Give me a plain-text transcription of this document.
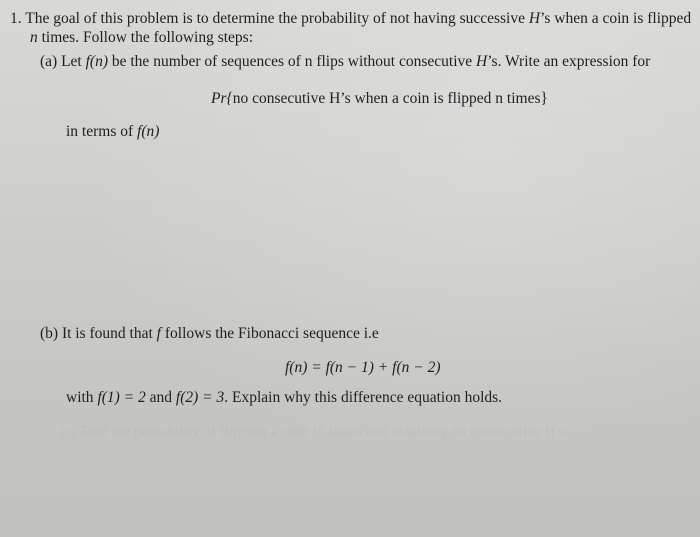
1. The goal of this problem is to determine the probability of not having successive H’s when a coin is flipped
n times. Follow the following steps:
(a) Let f(n) be the number of sequences of n flips without consecutive H’s. Write an expression for
Pr{no consecutive H’s when a coin is flipped n times}
in terms of f(n)
(b) It is found that f follows the Fibonacci sequence i.e
f(n) = f(n − 1) + f(n − 2)
with f(1) = 2 and f(2) = 3. Explain why this difference equation holds.
(c) Find the probability of flipping a coin 15 times and obtaining no consecutive H's.
